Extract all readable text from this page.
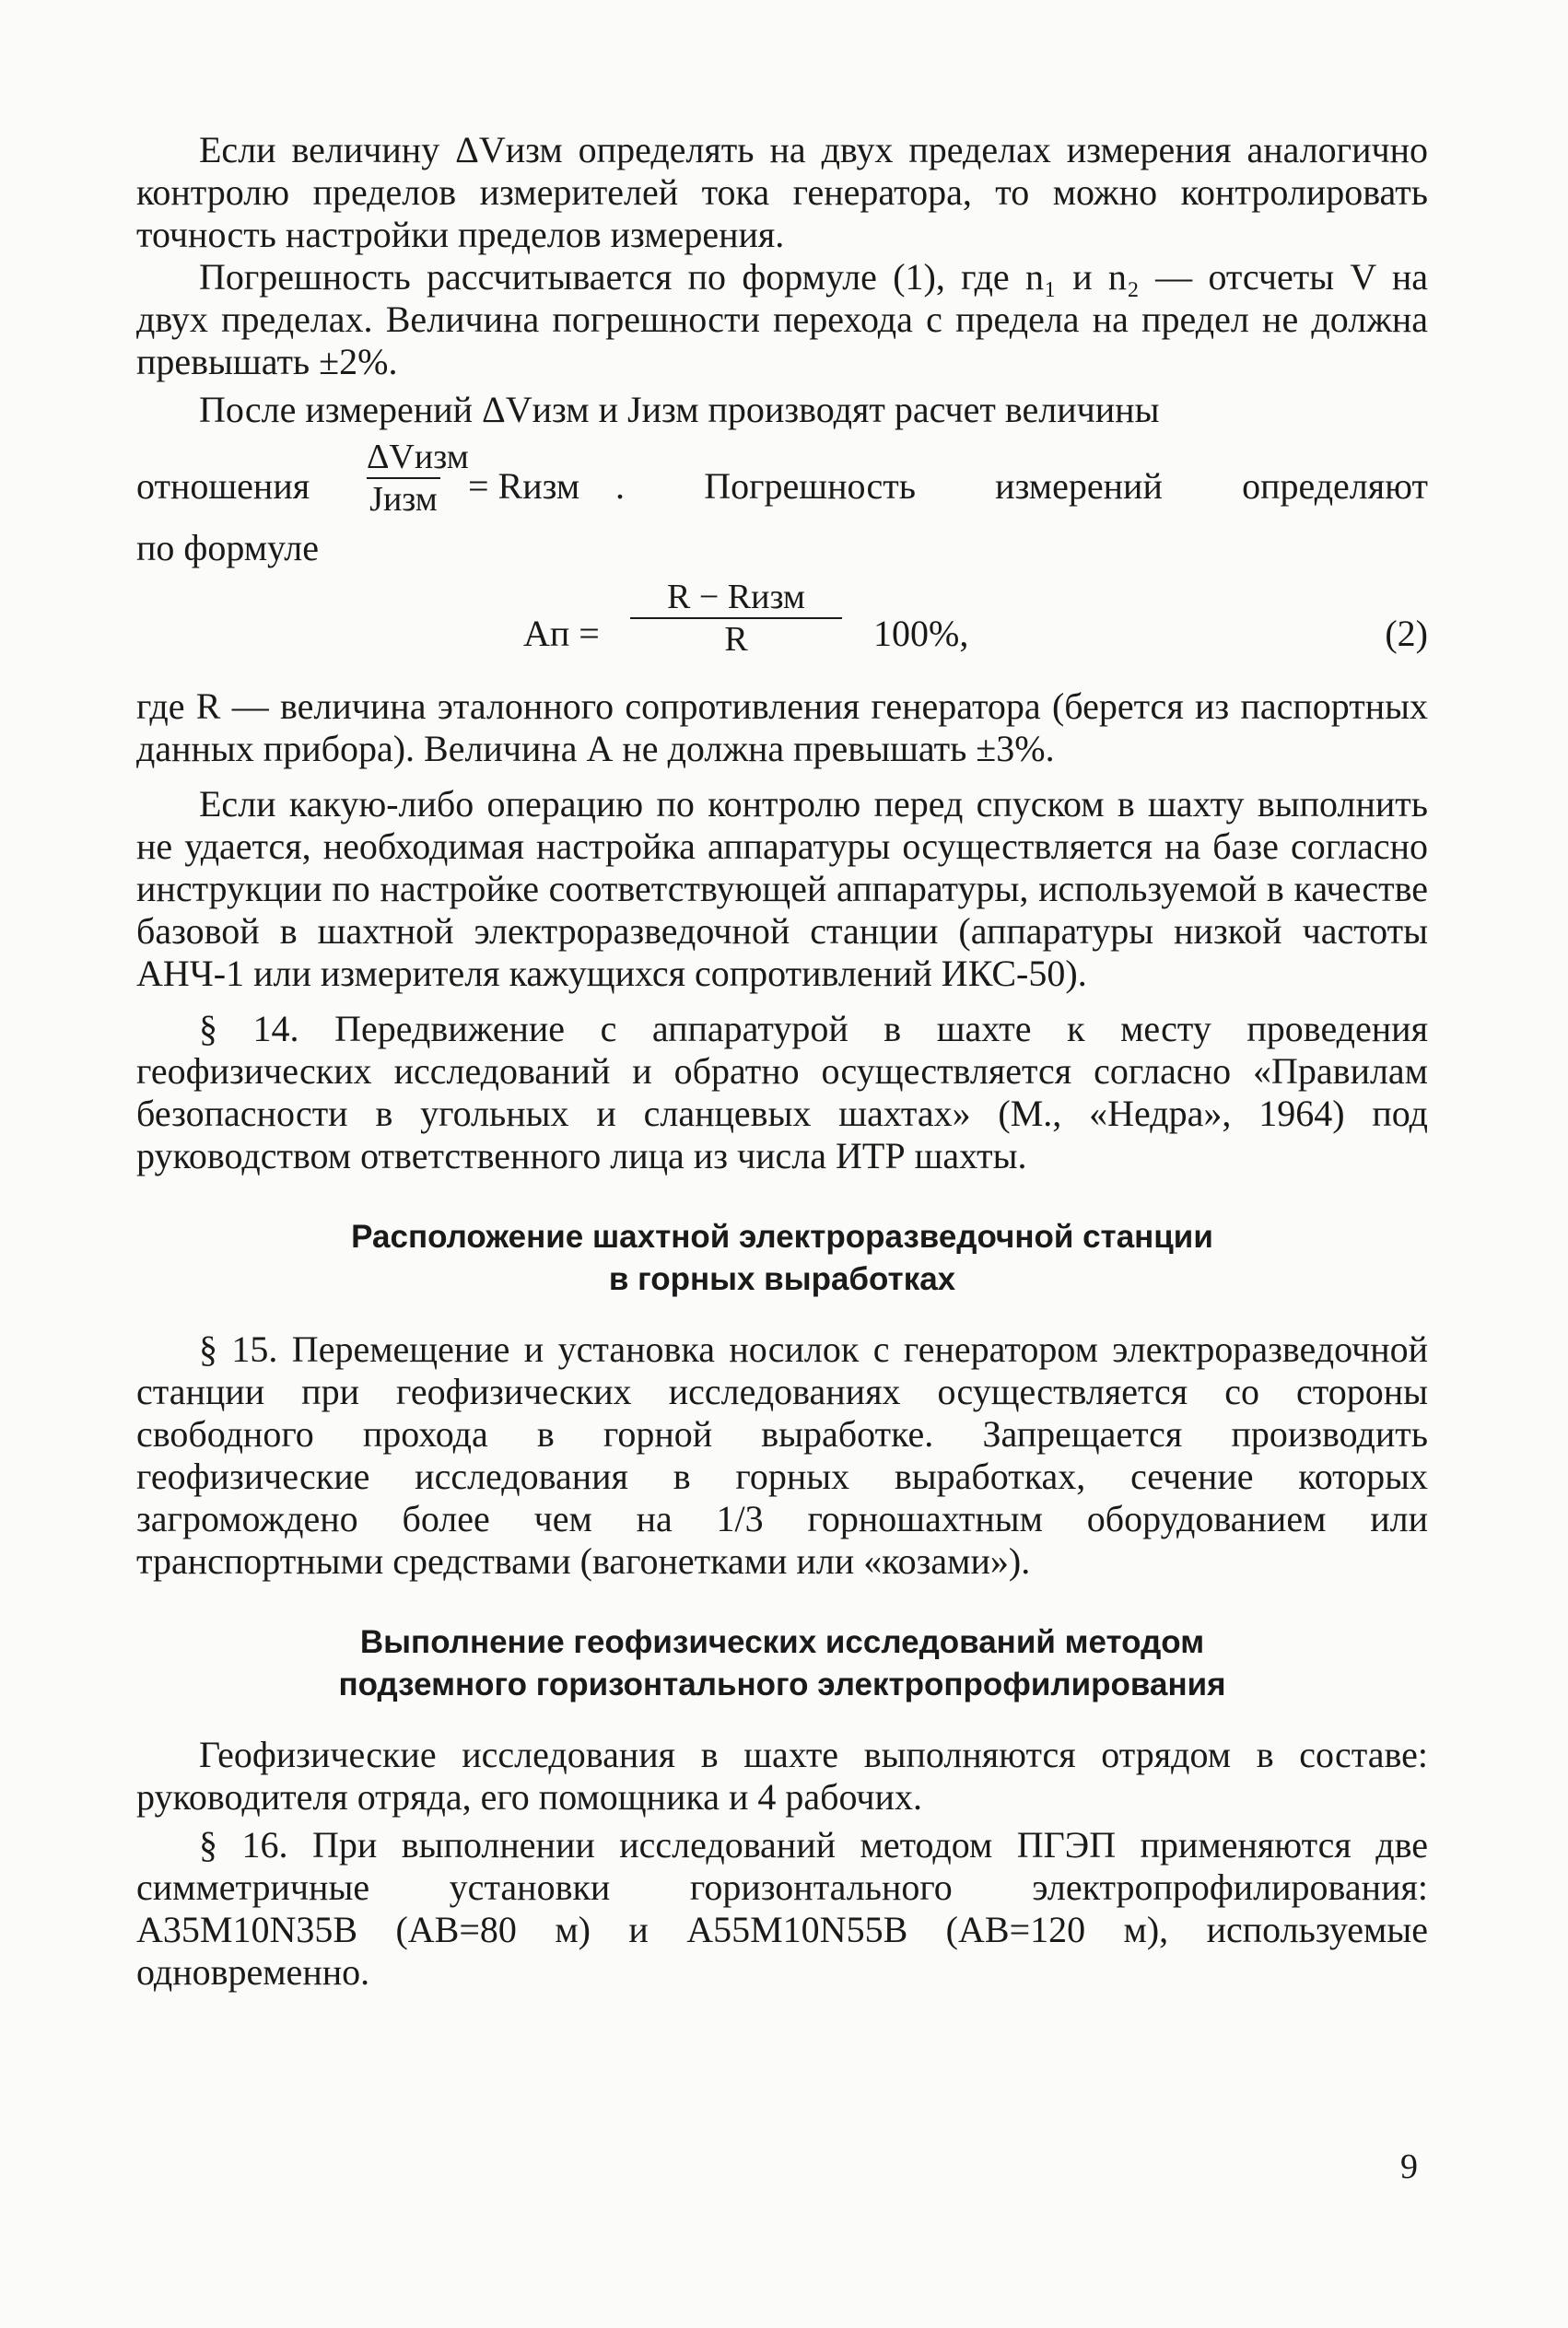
Если величину ΔVизм определять на двух пределах измерения аналогично контролю пределов измерителей тока генератора, то можно контролировать точность настройки пределов измерения.

Погрешность рассчитывается по формуле (1), где n₁ и n₂ — отсчеты V на двух пределах. Величина погрешности перехода с предела на предел не должна превышать ±2%.

После измерений ΔVизм и Jизм производят расчет величины

отношения
ΔVизм
Jизм = Rизм . Погрешность измерений определяют

по формуле

Aп =
R − Rизм
R	100%,	(2)

где R — величина эталонного сопротивления генератора (берется из паспортных данных прибора). Величина А не должна превышать ±3%.

Если какую-либо операцию по контролю перед спуском в шахту выполнить не удается, необходимая настройка аппаратуры осуществляется на базе согласно инструкции по настройке соответствующей аппаратуры, используемой в качестве базовой в шахтной электроразведочной станции (аппаратуры низкой частоты АНЧ-1 или измерителя кажущихся сопротивлений ИКС-50).

§ 14. Передвижение с аппаратурой в шахте к месту проведения геофизических исследований и обратно осуществляется согласно «Правилам безопасности в угольных и сланцевых шахтах» (М., «Недра», 1964) под руководством ответственного лица из числа ИТР шахты.

Расположение шахтной электроразведочной станции
в горных выработках

§ 15. Перемещение и установка носилок с генератором электроразведочной станции при геофизических исследованиях осуществляется со стороны свободного прохода в горной выработке. Запрещается производить геофизические исследования в горных выработках, сечение которых загромождено более чем на 1/3 горношахтным оборудованием или транспортными средствами (вагонетками или «козами»).

Выполнение геофизических исследований методом
подземного горизонтального электропрофилирования

Геофизические исследования в шахте выполняются отрядом в составе: руководителя отряда, его помощника и 4 рабочих.

§ 16. При выполнении исследований методом ПГЭП применяются две симметричные установки горизонтального электропрофилирования: A35M10N35B (AB=80 м) и A55M10N55B (AB=120 м), используемые одновременно.

9
